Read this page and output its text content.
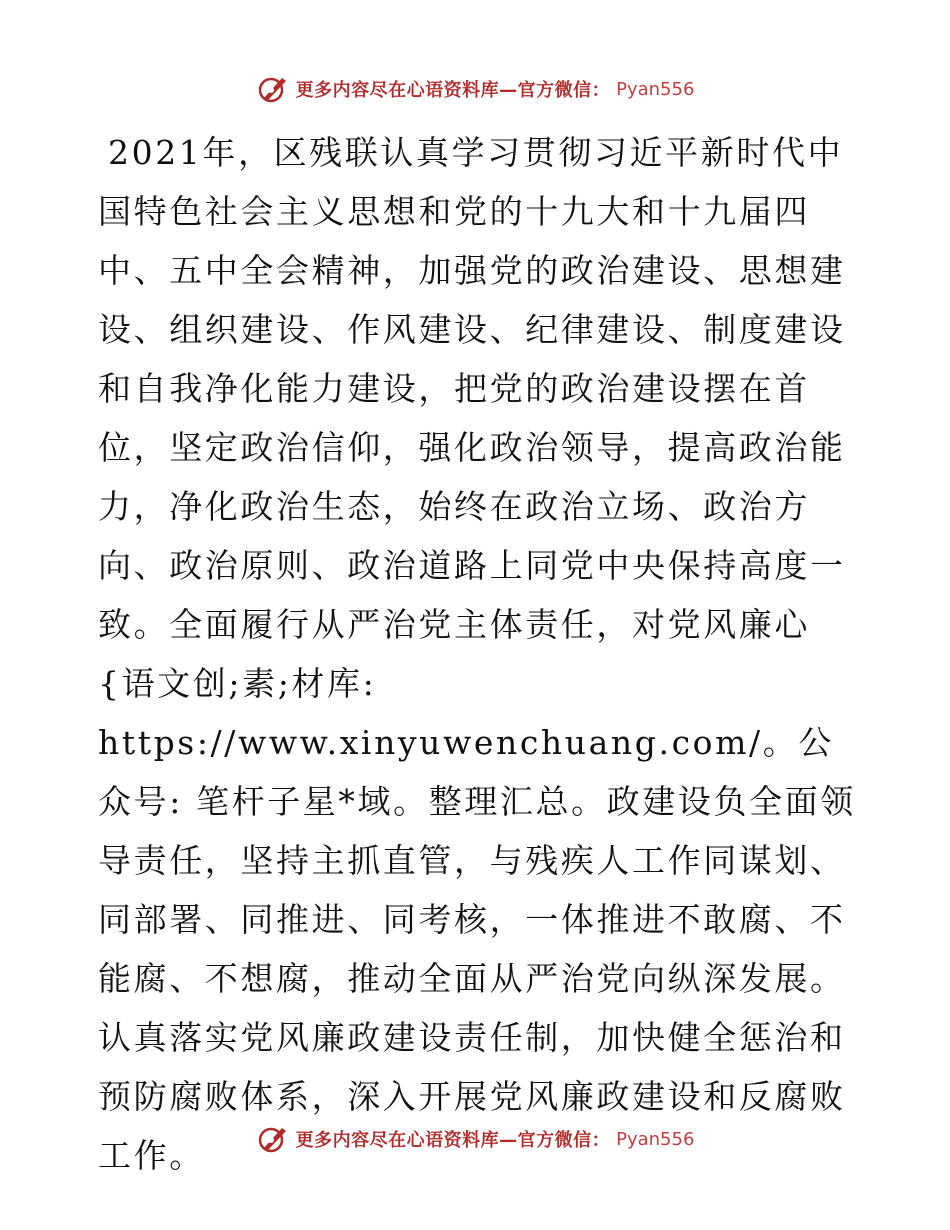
更多内容尽在心语资料库—官方微信： Pyan556

2021年，区残联认真学习贯彻习近平新时代中国特色社会主义思想和党的十九大和十九届四中、五中全会精神，加强党的政治建设、思想建设、组织建设、作风建设、纪律建设、制度建设和自我净化能力建设，把党的政治建设摆在首位，坚定政治信仰，强化政治领导，提高政治能力，净化政治生态，始终在政治立场、政治方向、政治原则、政治道路上同党中央保持高度一致。全面履行从严治党主体责任，对党风廉心{语文创;素;材库:
https://www.xinyuwenchuang.com/。公众号: 笔杆子星*域。整理汇总。政建设负全面领导责任，坚持主抓直管，与残疾人工作同谋划、同部署、同推进、同考核，一体推进不敢腐、不能腐、不想腐，推动全面从严治党向纵深发展。认真落实党风廉政建设责任制，加快健全惩治和预防腐败体系，深入开展党风廉政建设和反腐败工作。	更多内容尽在心语资料库—官方微信： Pyan556
